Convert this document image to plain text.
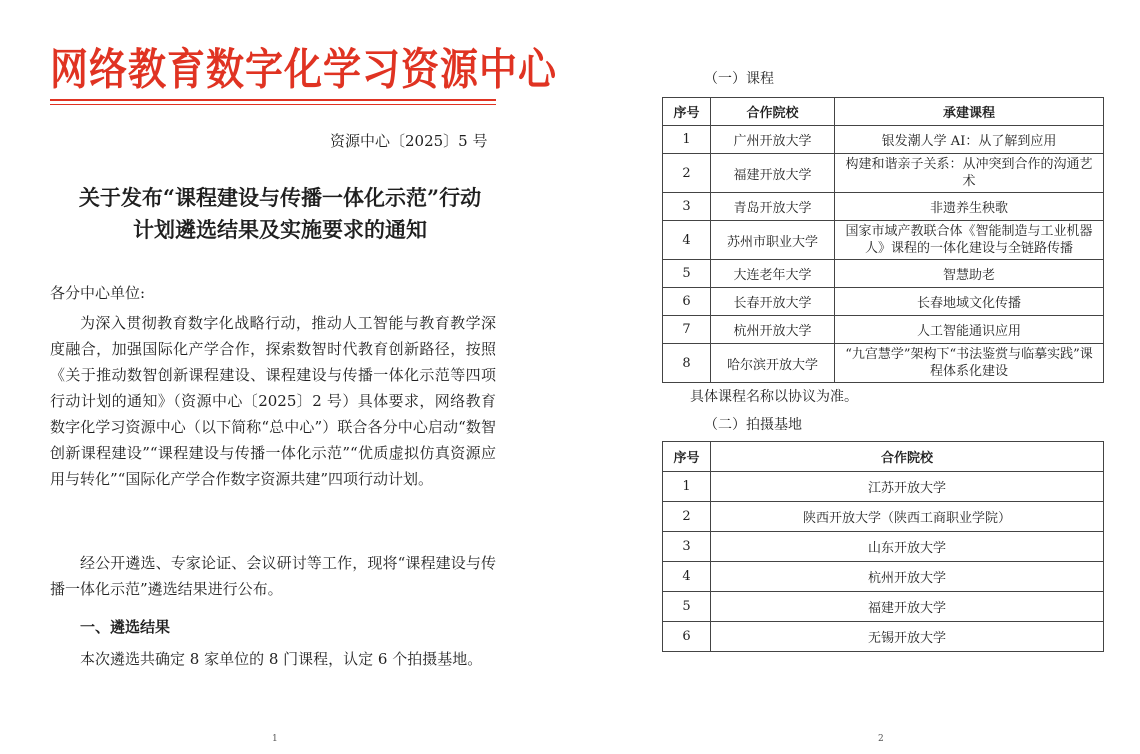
网络教育数字化学习资源中心
资源中心〔2025〕5 号
关于发布“课程建设与传播一体化示范”行动
计划遴选结果及实施要求的通知
各分中心单位:

为深入贯彻教育数字化战略行动，推动人工智能与教育教学深度融合，加强国际化产学合作，探索数智时代教育创新路径，按照《关于推动数智创新课程建设、课程建设与传播一体化示范等四项行动计划的通知》（资源中心〔2025〕2 号）具体要求，网络教育数字化学习资源中心（以下简称“总中心”）联合各分中心启动“数智创新课程建设”“课程建设与传播一体化示范”“优质虚拟仿真资源应用与转化”“国际化产学合作数字资源共建”四项行动计划。

经公开遴选、专家论证、会议研讨等工作，现将“课程建设与传播一体化示范”遴选结果进行公布。

一、遴选结果

本次遴选共确定 8 家单位的 8 门课程，认定 6 个拍摄基地。

1
（一）课程
序号	合作院校	承建课程
1	广州开放大学	银发潮人学 AI：从了解到应用
2	福建开放大学	构建和谐亲子关系：从冲突到合作的沟通艺术
3	青岛开放大学	非遗养生秧歌
4	苏州市职业大学	国家市域产教联合体《智能制造与工业机器人》课程的一体化建设与全链路传播
5	大连老年大学	智慧助老
6	长春开放大学	长春地域文化传播
7	杭州开放大学	人工智能通识应用
8	哈尔滨开放大学	“九宫慧学”架构下“书法鉴赏与临摹实践”课程体系化建设
具体课程名称以协议为准。
（二）拍摄基地
序号	合作院校
1	江苏开放大学
2	陕西开放大学（陕西工商职业学院）
3	山东开放大学
4	杭州开放大学
5	福建开放大学
6	无锡开放大学
2
